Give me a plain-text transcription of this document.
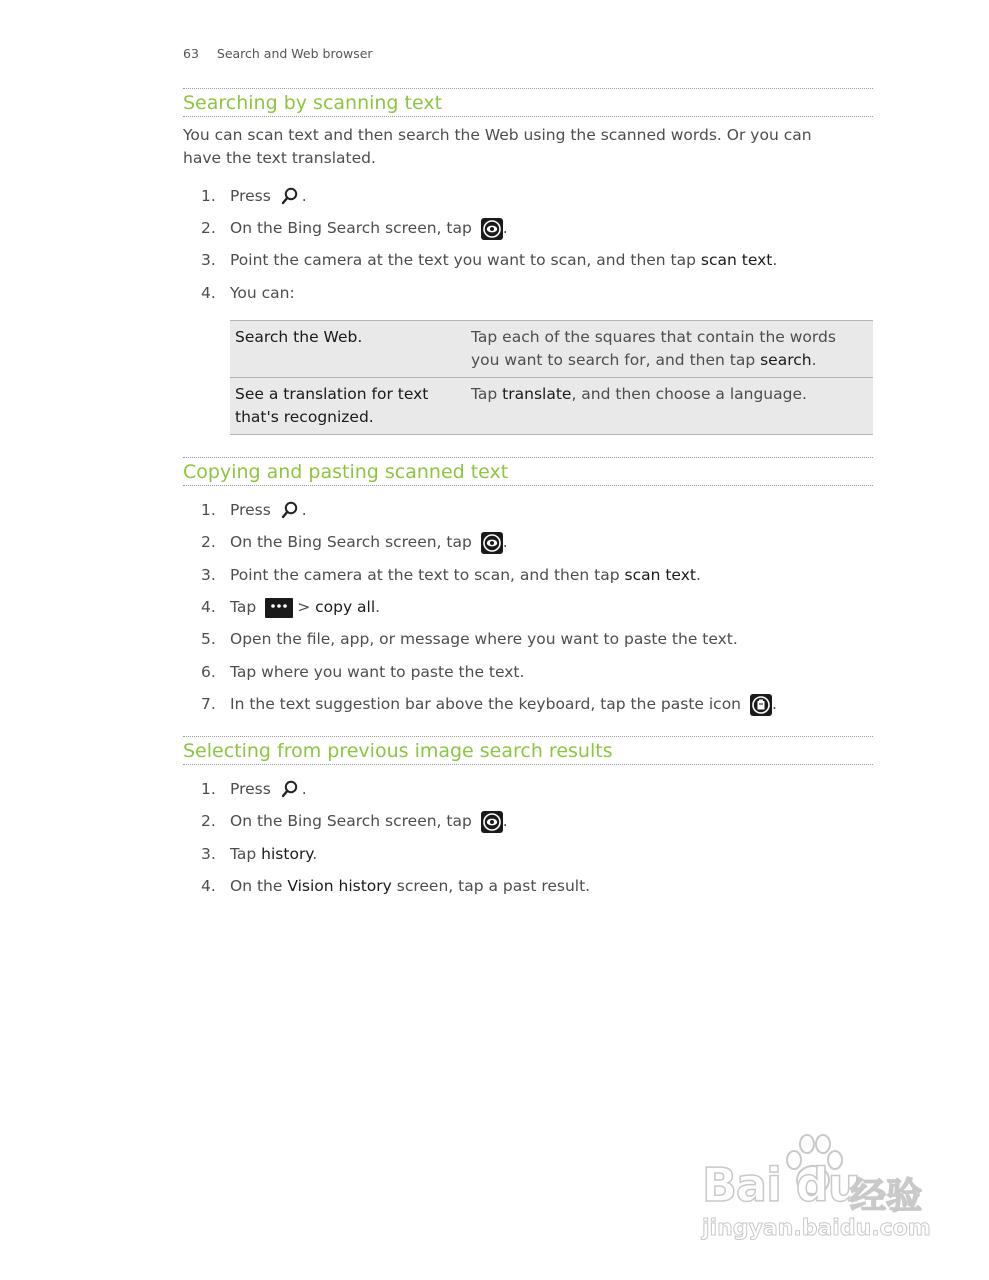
63 Search and Web browser
Searching by scanning text
You can scan text and then search the Web using the scanned words. Or you can
have the text translated.
1. Press .
2. On the Bing Search screen, tap .
3. Point the camera at the text you want to scan, and then tap scan text.
4. You can:
Search the Web.	Tap each of the squares that contain the words
you want to search for, and then tap search.

See a translation for text
that's recognized.	Tap translate, and then choose a language.
Copying and pasting scanned text
1. Press .
2. On the Bing Search screen, tap .
3. Point the camera at the text to scan, and then tap scan text.
4. Tap	> copy all.
5. Open the file, app, or message where you want to paste the text.
6. Tap where you want to paste the text.
7. In the text suggestion bar above the keyboard, tap the paste icon .
Selecting from previous image search results
1. Press .
2. On the Bing Search screen, tap .
3. Tap history.
4. On the Vision history screen, tap a past result.
Bai du
经验
jingyan.baidu.com
